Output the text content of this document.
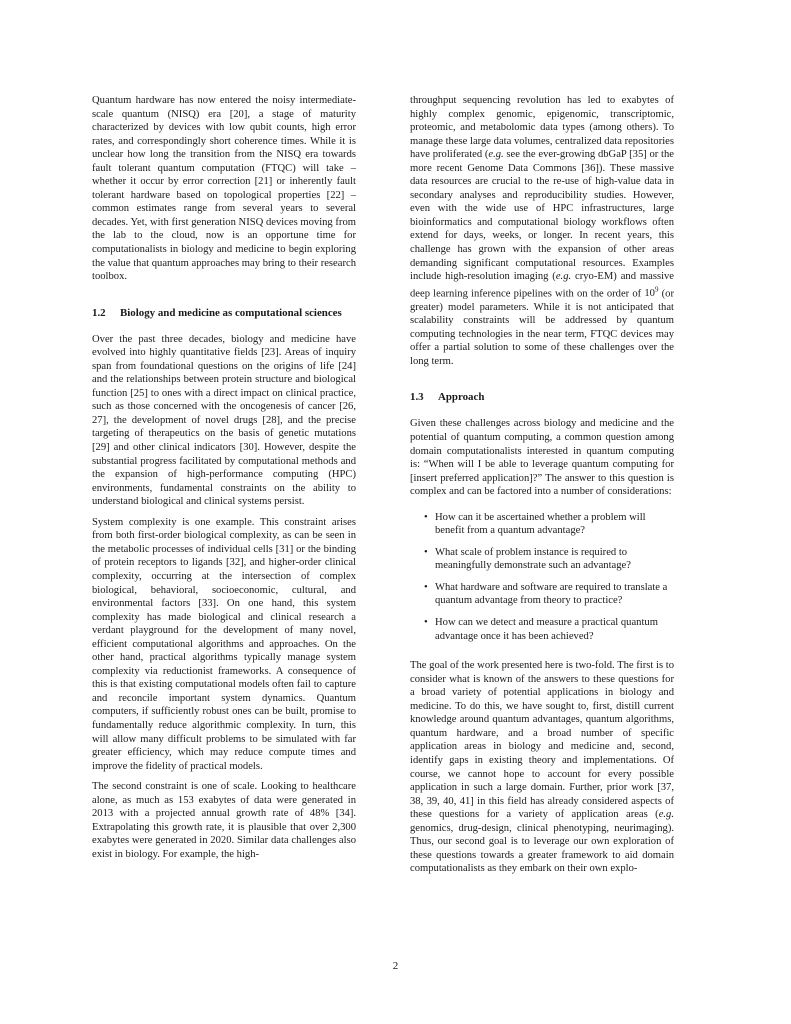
Quantum hardware has now entered the noisy intermediate-scale quantum (NISQ) era [20], a stage of maturity characterized by devices with low qubit counts, high error rates, and correspondingly short coherence times. While it is unclear how long the transition from the NISQ era towards fault tolerant quantum computation (FTQC) will take – whether it occur by error correction [21] or inherently fault tolerant hardware based on topological properties [22] – common estimates range from several years to several decades. Yet, with first generation NISQ devices moving from the lab to the cloud, now is an opportune time for computationalists in biology and medicine to begin exploring the value that quantum approaches may bring to their research toolbox.

1.2	Biology and medicine as computational sciences

Over the past three decades, biology and medicine have evolved into highly quantitative fields [23]. Areas of inquiry span from foundational questions on the origins of life [24] and the relationships between protein structure and biological function [25] to ones with a direct impact on clinical practice, such as those concerned with the oncogenesis of cancer [26, 27], the development of novel drugs [28], and the precise targeting of therapeutics on the basis of genetic mutations [29] and other clinical indicators [30]. However, despite the substantial progress facilitated by computational methods and the expansion of high-performance computing (HPC) environments, fundamental constraints on the ability to understand biological and clinical systems persist.

System complexity is one example. This constraint arises from both first-order biological complexity, as can be seen in the metabolic processes of individual cells [31] or the binding of protein receptors to ligands [32], and higher-order clinical complexity, occurring at the intersection of complex biological, behavioral, socioeconomic, cultural, and environmental factors [33]. On one hand, this system complexity has made biological and clinical research a verdant playground for the development of many novel, efficient computational algorithms and approaches. On the other hand, practical algorithms typically manage system complexity via reductionist frameworks. A consequence of this is that existing computational models often fail to capture and reconcile important system dynamics. Quantum computers, if sufficiently robust ones can be built, promise to fundamentally reduce algorithmic complexity. In turn, this will allow many difficult problems to be simulated with far greater efficiency, which may reduce compute times and improve the fidelity of practical models.

The second constraint is one of scale. Looking to healthcare alone, as much as 153 exabytes of data were generated in 2013 with a projected annual growth rate of 48% [34]. Extrapolating this growth rate, it is plausible that over 2,300 exabytes were generated in 2020. Similar data challenges also exist in biology. For example, the high-

throughput sequencing revolution has led to exabytes of highly complex genomic, epigenomic, transcriptomic, proteomic, and metabolomic data types (among others). To manage these large data volumes, centralized data repositories have proliferated (e.g. see the ever-growing dbGaP [35] or the more recent Genome Data Commons [36]). These massive data resources are crucial to the re-use of high-value data in secondary analyses and reproducibility studies. However, even with the wide use of HPC infrastructures, large bioinformatics and computational biology workflows often extend for days, weeks, or longer. In recent years, this challenge has grown with the expansion of other areas demanding significant computational resources. Examples include high-resolution imaging (e.g. cryo-EM) and massive deep learning inference pipelines with on the order of $10^9$ (or greater) model parameters. While it is not anticipated that scalability constraints will be addressed by quantum computing technologies in the near term, FTQC devices may offer a partial solution to some of these challenges over the long term.

1.3	Approach

Given these challenges across biology and medicine and the potential of quantum computing, a common question among domain computationalists interested in quantum computing is: “When will I be able to leverage quantum computing for [insert preferred application]?” The answer to this question is complex and can be factored into a number of considerations:

• How can it be ascertained whether a problem will benefit from a quantum advantage?
• What scale of problem instance is required to meaningfully demonstrate such an advantage?
• What hardware and software are required to translate a quantum advantage from theory to practice?
• How can we detect and measure a practical quantum advantage once it has been achieved?

The goal of the work presented here is two-fold. The first is to consider what is known of the answers to these questions for a broad variety of potential applications in biology and medicine. To do this, we have sought to, first, distill current knowledge around quantum advantages, quantum algorithms, quantum hardware, and a broad number of specific application areas in biology and medicine and, second, identify gaps in existing theory and implementations. Of course, we cannot hope to account for every possible application in such a large domain. Further, prior work [37, 38, 39, 40, 41] in this field has already considered aspects of these questions for a variety of application areas (e.g. genomics, drug-design, clinical phenotyping, neurimaging). Thus, our second goal is to leverage our own exploration of these questions towards a greater framework to aid domain computationalists as they embark on their own explo-

2
